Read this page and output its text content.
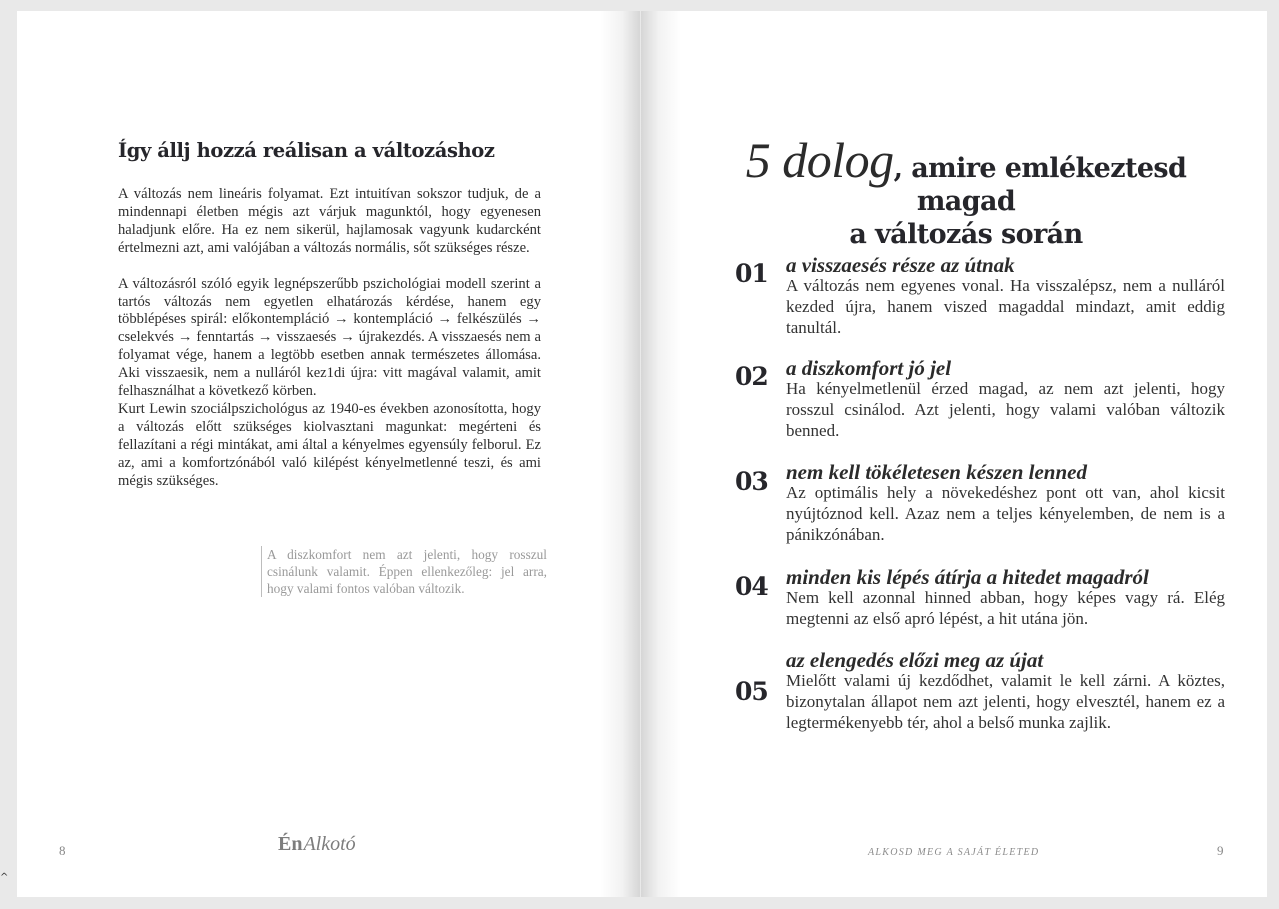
Így állj hozzá reálisan a változáshoz

A változás nem lineáris folyamat. Ezt intuitívan sokszor tudjuk, de a mindennapi életben mégis azt várjuk magunktól, hogy egyenesen haladjunk előre. Ha ez nem sikerül, hajlamosak vagyunk kudarcként értelmezni azt, ami valójában a változás normális, sőt szükséges része.

A változásról szóló egyik legnépszerűbb pszichológiai modell szerint a tartós változás nem egyetlen elhatározás kérdése, hanem egy többlépéses spirál: előkontempláció → kontempláció → felkészülés → cselekvés → fenntartás → visszaesés → újrakezdés. A visszaesés nem a folyamat vége, hanem a legtöbb esetben annak természetes állomása. Aki visszaesik, nem a nulláról kez1di újra: vitt magával valamit, amit felhasználhat a következő körben.

Kurt Lewin szociálpszichológus az 1940-es években azonosította, hogy a változás előtt szükséges kiolvasztani magunkat: megérteni és fellazítani a régi mintákat, ami által a kényelmes egyensúly felborul. Ez az, ami a komfortzónából való kilépést kényelmetlenné teszi, és ami mégis szükséges.

A diszkomfort nem azt jelenti, hogy rosszul csinálunk valamit. Éppen ellenkezőleg: jel arra, hogy valami fontos valóban változik.
8	ÉnAlkotó
5 dolog, amire emlékeztesd magad
a változás során
01 a visszaesés része az útnak
A változás nem egyenes vonal. Ha visszalépsz, nem a nulláról kezded újra, hanem viszed magaddal mindazt, amit eddig tanultál.
02 a diszkomfort jó jel
Ha kényelmetlenül érzed magad, az nem azt jelenti, hogy rosszul csinálod. Azt jelenti, hogy valami valóban változik benned.
03 nem kell tökéletesen készen lenned
Az optimális hely a növekedéshez pont ott van, ahol kicsit nyújtóznod kell. Azaz nem a teljes kényelemben, de nem is a pánikzónában.
04 minden kis lépés átírja a hitedet magadról
Nem kell azonnal hinned abban, hogy képes vagy rá. Elég megtenni az első apró lépést, a hit utána jön.
05
az elengedés előzi meg az újat
Mielőtt valami új kezdődhet, valamit le kell zárni. A köztes, bizonytalan állapot nem azt jelenti, hogy elvesztél, hanem ez a legtermékenyebb tér, ahol a belső munka zajlik.
ALKOSD MEG A SAJÁT ÉLETED	9
^
